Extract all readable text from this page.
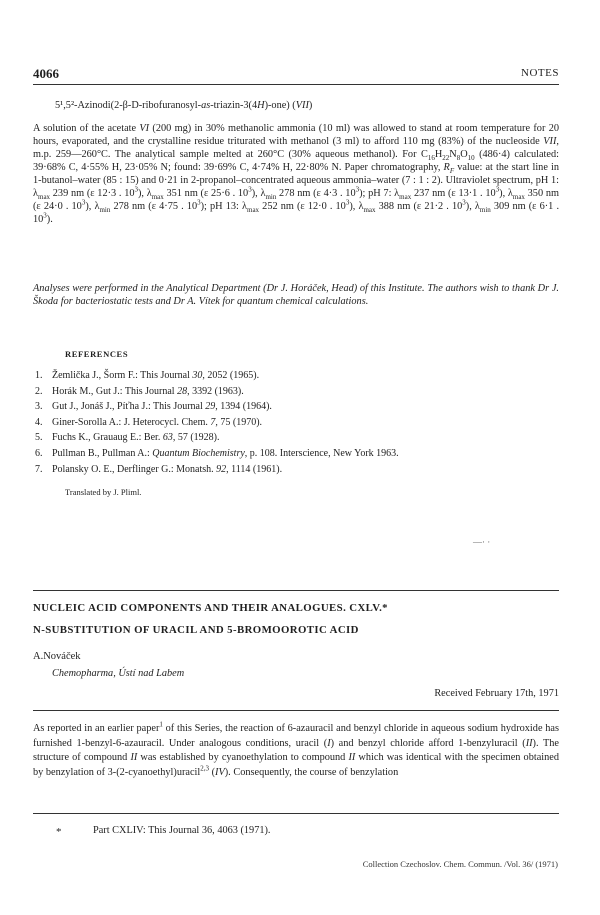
4066	NOTES
5¹,5²-Azinodi(2-β-D-ribofuranosyl-as-triazin-3(4H)-one) (VII)
A solution of the acetate VI (200 mg) in 30% methanolic ammonia (10 ml) was allowed to stand at room temperature for 20 hours, evaporated, and the crystalline residue triturated with methanol (3 ml) to afford 110 mg (83%) of the nucleoside VII, m.p. 259—260°C. The analytical sample melted at 260°C (30% aqueous methanol). For $C_{16}H_{22}N_8O_{10}$ (486·4) calculated: 39·68% C, 4·55% H, 23·05% N; found: 39·69% C, 4·74% H, 22·80% N. Paper chromatography, $R_F$ value: at the start line in 1-butanol–water (85 : 15) and 0·21 in 2-propanol–concentrated aqueous ammonia–water (7 : 1 : 2). Ultraviolet spectrum, pH 1: $\lambda_{max}$ 239 nm (ε 12·3 . $10^3$), $\lambda_{max}$ 351 nm (ε 25·6 . $10^3$), $\lambda_{min}$ 278 nm (ε 4·3 . $10^3$); pH 7: $\lambda_{max}$ 237 nm (ε 13·1 . $10^3$), $\lambda_{max}$ 350 nm (ε 24·0 . $10^3$), $\lambda_{min}$ 278 nm (ε 4·75 . $10^3$); pH 13: $\lambda_{max}$ 252 nm (ε 12·0 . $10^3$), $\lambda_{max}$ 388 nm (ε 21·2 . $10^3$), $\lambda_{min}$ 309 nm (ε 6·1 . $10^3$).
Analyses were performed in the Analytical Department (Dr J. Horáček, Head) of this Institute. The authors wish to thank Dr J. Škoda for bacteriostatic tests and Dr A. Vítek for quantum chemical calculations.
REFERENCES
1. Žemlička J., Šorm F.: This Journal 30, 2052 (1965).
2. Horák M., Gut J.: This Journal 28, 3392 (1963).
3. Gut J., Jonáš J., Píťha J.: This Journal 29, 1394 (1964).
4. Giner-Sorolla A.: J. Heterocycl. Chem. 7, 75 (1970).
5. Fuchs K., Grauaug E.: Ber. 63, 57 (1928).
6. Pullman B., Pullman A.: Quantum Biochemistry, p. 108. Interscience, New York 1963.
7. Polansky O. E., Derflinger G.: Monatsh. 92, 1114 (1961).
Translated by J. Pliml.
—· ·
NUCLEIC ACID COMPONENTS AND THEIR ANALOGUES. CXLV.*
N-SUBSTITUTION OF URACIL AND 5-BROMOOROTIC ACID
A.Nováček
Chemopharma, Ústí nad Labem
Received February 17th, 1971
As reported in an earlier paper$^1$ of this Series, the reaction of 6-azauracil and benzyl chloride in aqueous sodium hydroxide has furnished 1-benzyl-6-azauracil. Under analogous conditions, uracil (I) and benzyl chloride afford 1-benzyluracil (II). The structure of compound II was established by cyanoethylation to compound II which was identical with the specimen obtained by benzylation of 3-(2-cyanoethyl)uracil$^{2,3}$ (IV). Consequently, the course of benzylation
*	Part CXLIV: This Journal 36, 4063 (1971).
Collection Czechoslov. Chem. Commun. /Vol. 36/ (1971)
